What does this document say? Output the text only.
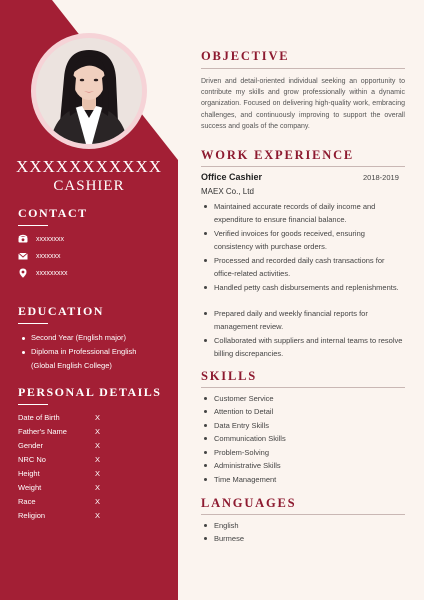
XXXXXXXXXXX
CASHIER
CONTACT
xxxxxxxx
xxxxxxx
xxxxxxxxx
EDUCATION
Second Year (English major)
Diploma in Professional English
(Global English College)
PERSONAL DETAILS
Date of Birth	X
Father's Name	X
Gender	X
NRC No	X
Height	X
Weight	X
Race	X
Religion	X
OBJECTIVE
Driven and detail-oriented individual seeking an opportunity to contribute my skills and grow professionally within a dynamic organization. Focused on delivering high-quality work, embracing challenges, and continuously improving to support the overall success and goals of the company.
WORK EXPERIENCE
Office Cashier	2018-2019
MAEX Co., Ltd
Maintained accurate records of daily income and expenditure to ensure financial balance.
Verified invoices for goods received, ensuring consistency with purchase orders.
Processed and recorded daily cash transactions for office-related activities.
Handled petty cash disbursements and replenishments.
Prepared daily and weekly financial reports for management review.
Collaborated with suppliers and internal teams to resolve billing discrepancies.
SKILLS
Customer Service
Attention to Detail
Data Entry Skills
Communication Skills
Problem-Solving
Administrative Skills
Time Management
LANGUAGES
English
Burmese
